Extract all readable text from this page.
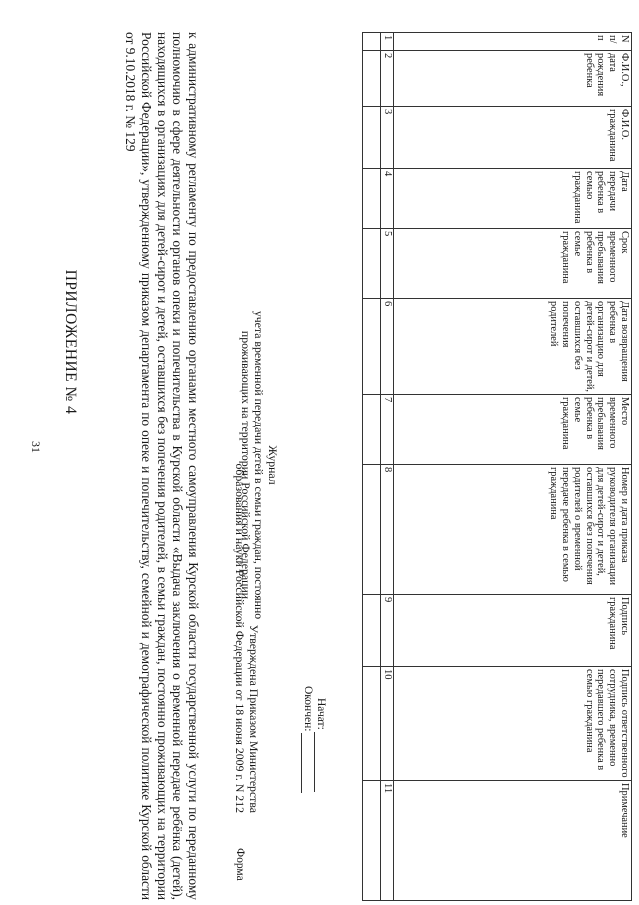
31
ПРИЛОЖЕНИЕ № 4	к административному регламенту по предоставлению органами местного самоуправления Курской области государственной услуги по переданному полномочию в сфере деятельности органов опеки и попечительства в Курской области «Выдача заключения о временной передаче ребёнка (детей), находящихся в организациях для детей-сирот и детей, оставшихся без попечения родителей, в семьи граждан, постоянно проживающих на территории Российской Федерации», утвержденному приказом департамента по опеке и попечительству, семейной и демографической политике Курской области от 9.10.2018 г. № 129

Утверждена Приказом Министерства
образования и науки Российской Федерации от 18 июня 2009 г. N 212
Форма
Журнал
учета временной передачи детей в семьи граждан, постоянно
проживающих на территории Российской Федерации
Начат:
Окончен:
N п/п	Ф.И.О., дата рождения ребенка	Ф.И.О. гражданина	Дата передачи ребенка в семью гражданина	Срок временного пребывания ребенка в семье гражданина	Дата возвращения ребенка в организацию для детей-сирот и детей, оставшихся без попечения родителей	Место временного пребывания ребенка в семье гражданина	Номер и дата приказа руководителя организации для детей-сирот и детей, оставшихся без попечения родителей о временной передаче ребенка в семью гражданина	Подпись гражданина	Подпись ответственного сотрудника, временно передавшего ребенка в семью гражданина	Примечание
1	2	3	4	5	6	7	8	9	10	11
